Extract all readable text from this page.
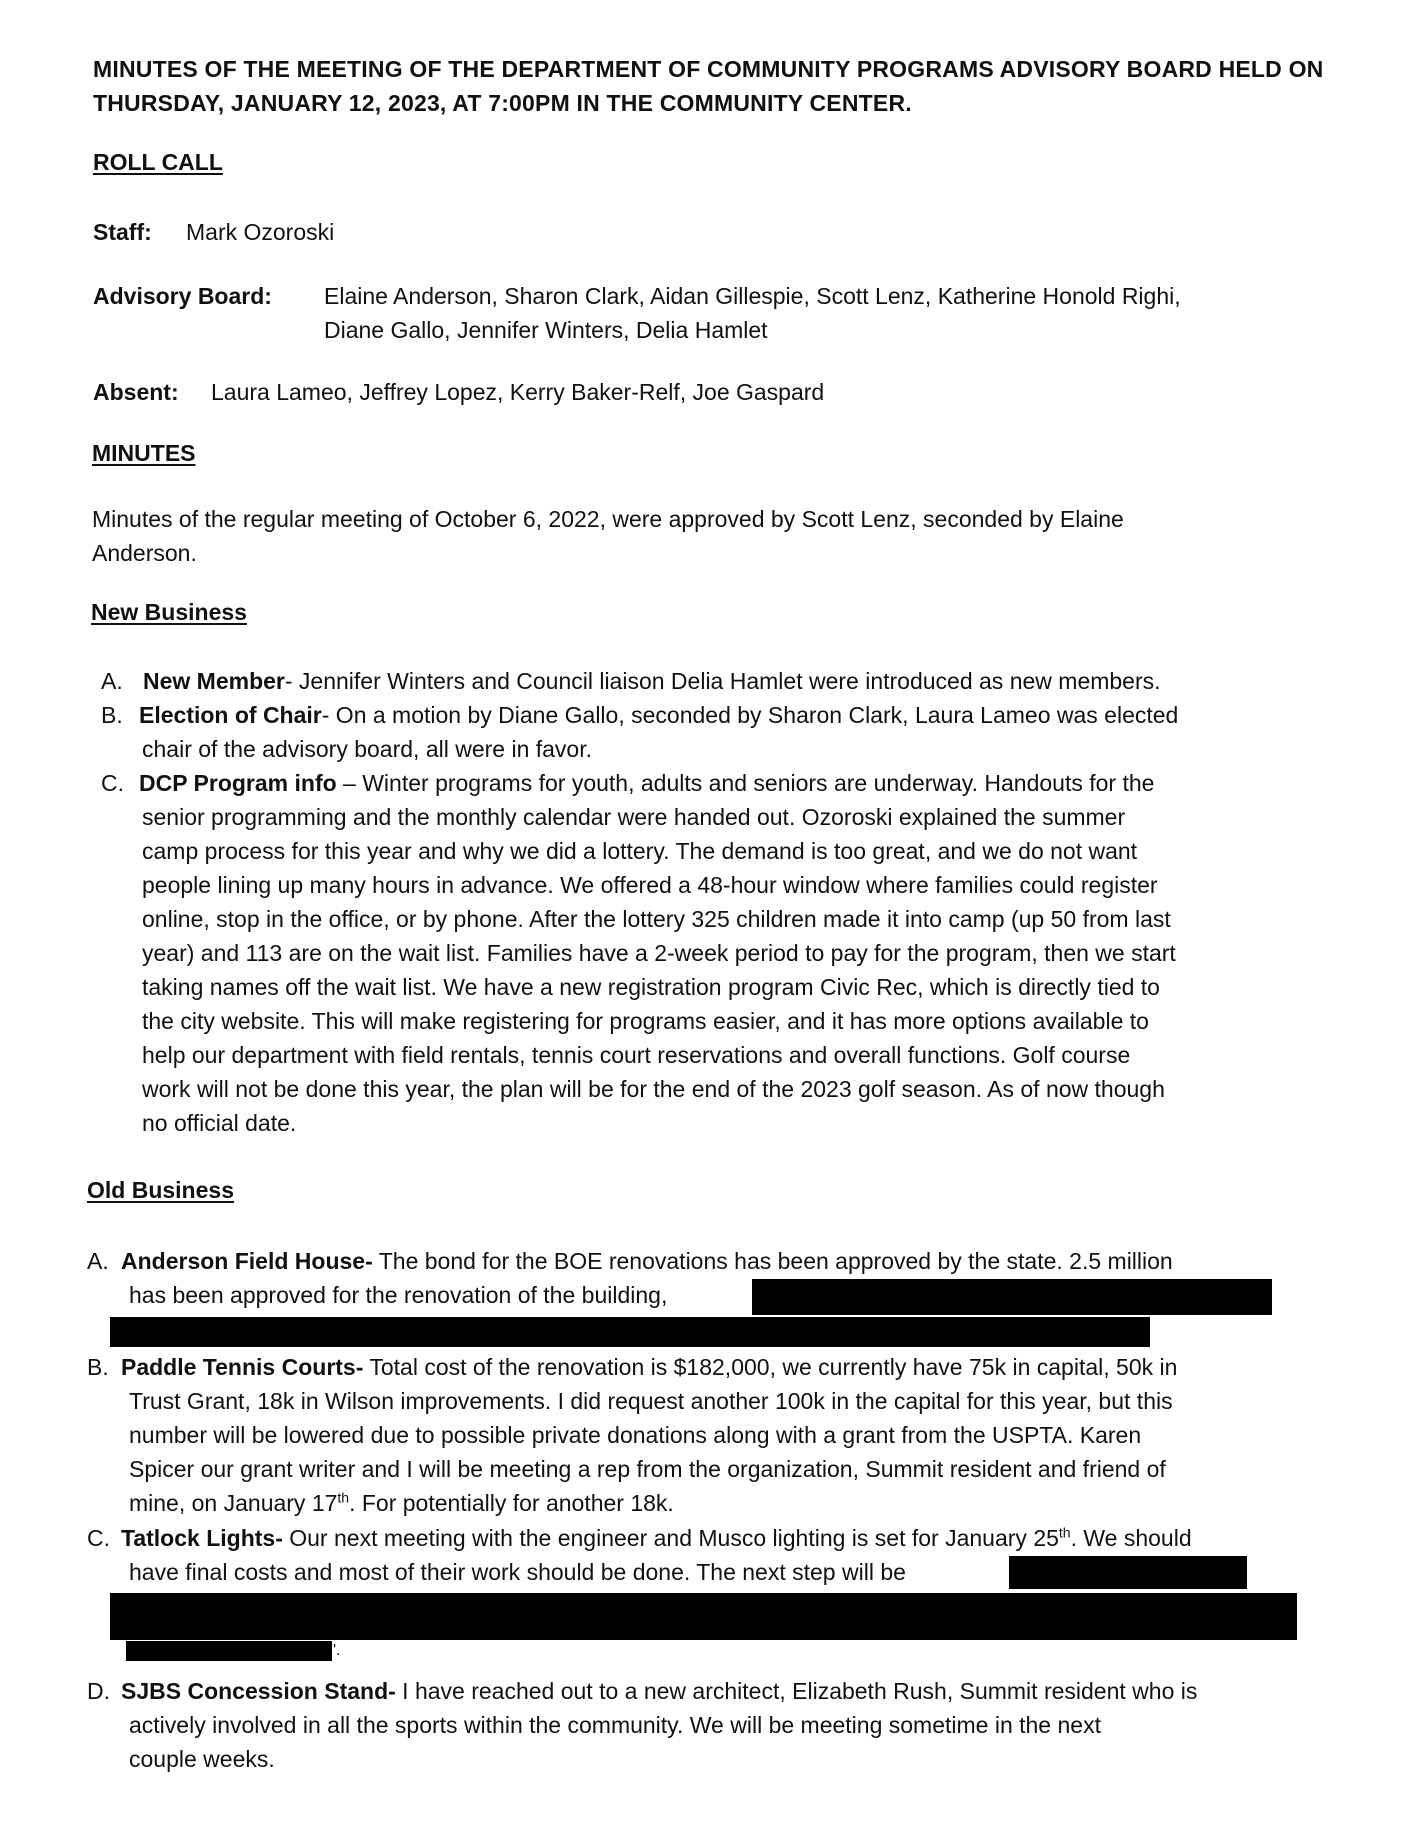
MINUTES OF THE MEETING OF THE DEPARTMENT OF COMMUNITY PROGRAMS ADVISORY BOARD HELD ON THURSDAY, JANUARY 12, 2023, AT 7:00PM IN THE COMMUNITY CENTER.
ROLL CALL
Staff: Mark Ozoroski
Advisory Board: Elaine Anderson, Sharon Clark, Aidan Gillespie, Scott Lenz, Katherine Honold Righi,
Diane Gallo, Jennifer Winters, Delia Hamlet
Absent: Laura Lameo, Jeffrey Lopez, Kerry Baker-Relf, Joe Gaspard
MINUTES
Minutes of the regular meeting of October 6, 2022, were approved by Scott Lenz, seconded by Elaine
Anderson.
New Business
A. New Member- Jennifer Winters and Council liaison Delia Hamlet were introduced as new members.
B. Election of Chair- On a motion by Diane Gallo, seconded by Sharon Clark, Laura Lameo was elected
chair of the advisory board, all were in favor.
C. DCP Program info – Winter programs for youth, adults and seniors are underway. Handouts for the
senior programming and the monthly calendar were handed out. Ozoroski explained the summer
camp process for this year and why we did a lottery. The demand is too great, and we do not want
people lining up many hours in advance. We offered a 48-hour window where families could register
online, stop in the office, or by phone. After the lottery 325 children made it into camp (up 50 from last
year) and 113 are on the wait list. Families have a 2-week period to pay for the program, then we start
taking names off the wait list. We have a new registration program Civic Rec, which is directly tied to
the city website. This will make registering for programs easier, and it has more options available to
help our department with field rentals, tennis court reservations and overall functions. Golf course
work will not be done this year, the plan will be for the end of the 2023 golf season. As of now though
no official date.
Old Business
A. Anderson Field House- The bond for the BOE renovations has been approved by the state. 2.5 million
has been approved for the renovation of the building,
B. Paddle Tennis Courts- Total cost of the renovation is $182,000, we currently have 75k in capital, 50k in
Trust Grant, 18k in Wilson improvements. I did request another 100k in the capital for this year, but this
number will be lowered due to possible private donations along with a grant from the USPTA. Karen
Spicer our grant writer and I will be meeting a rep from the organization, Summit resident and friend of
mine, on January 17th. For potentially for another 18k.
C. Tatlock Lights- Our next meeting with the engineer and Musco lighting is set for January 25th. We should
have final costs and most of their work should be done. The next step will be
'.
D. SJBS Concession Stand- I have reached out to a new architect, Elizabeth Rush, Summit resident who is
actively involved in all the sports within the community. We will be meeting sometime in the next
couple weeks.
